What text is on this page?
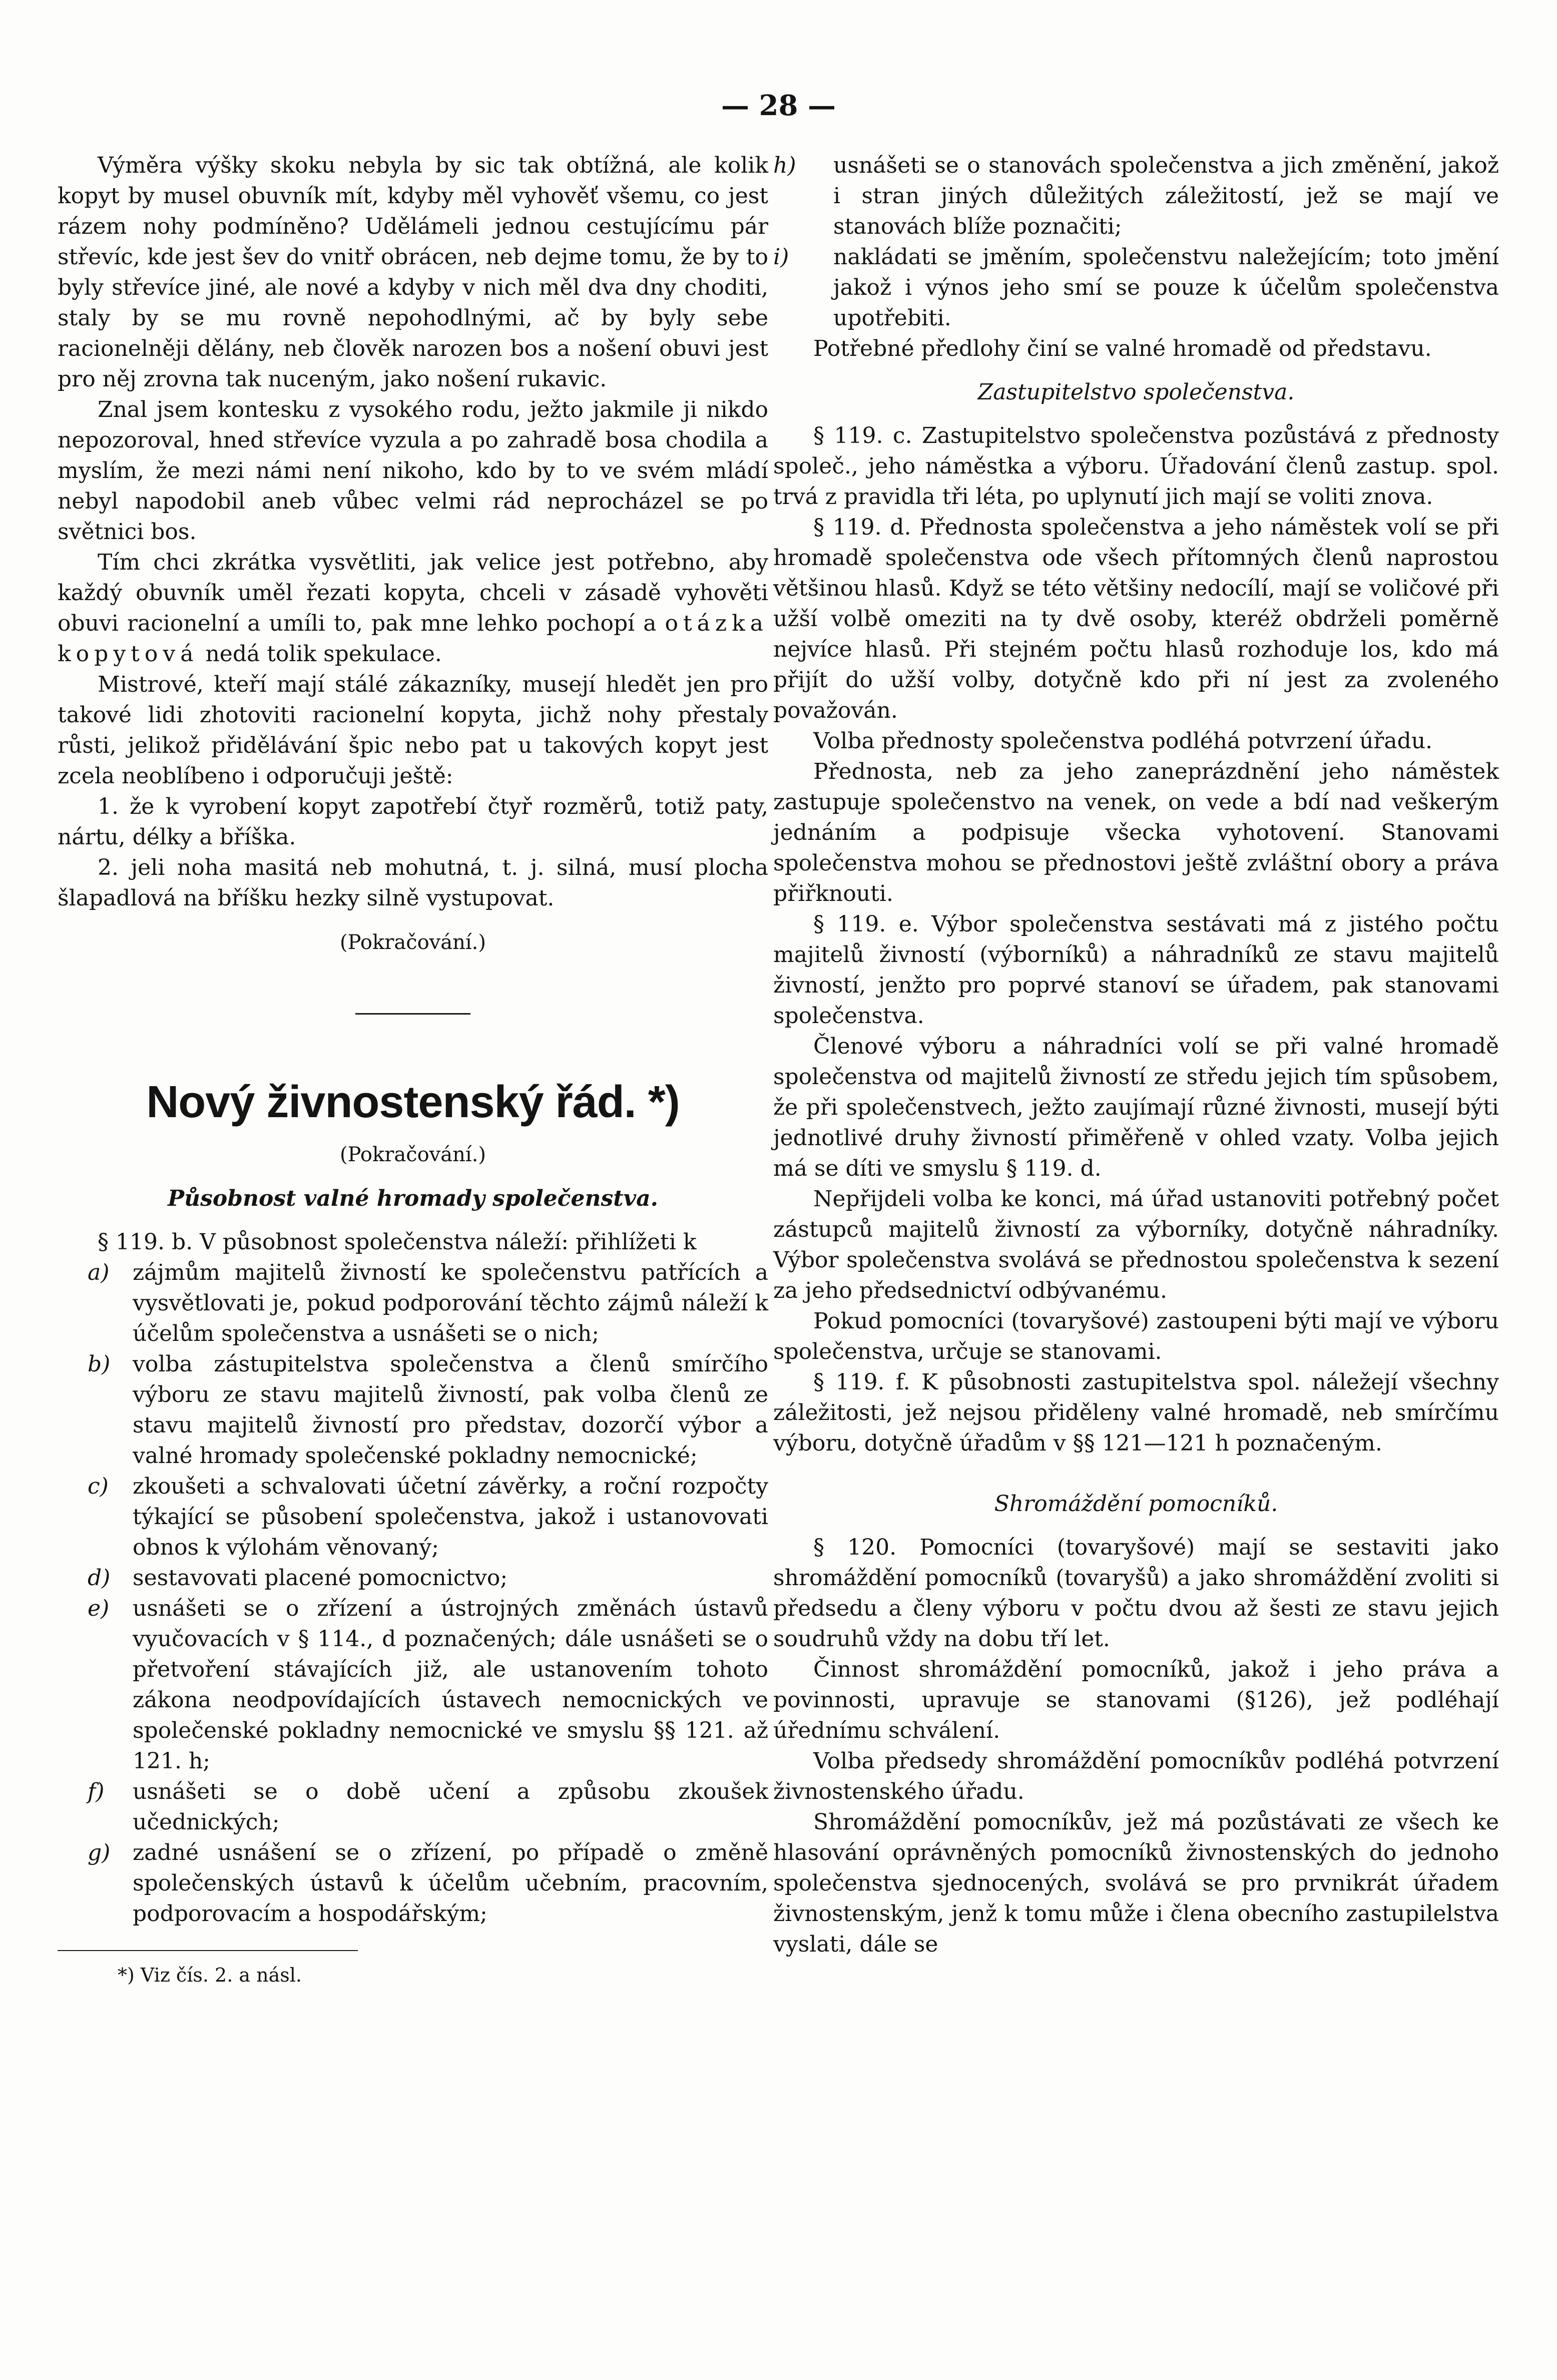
— 28 —

Výměra výšky skoku nebyla by sic tak obtížná, ale kolik kopyt by musel obuvník mít, kdyby měl vyhověť všemu, co jest rázem nohy podmíněno? Udělámeli jednou cestujícímu pár střevíc, kde jest šev do vnitř obrácen, neb dejme tomu, že by to byly střevíce jiné, ale nové a kdyby v nich měl dva dny choditi, staly by se mu rovně nepohodlnými, ač by byly sebe racionelněji dělány, neb člověk narozen bos a nošení obuvi jest pro něj zrovna tak nuceným, jako nošení rukavic.

Znal jsem kontesku z vysokého rodu, ježto jakmile ji nikdo nepozoroval, hned střevíce vyzula a po zahradě bosa chodila a myslím, že mezi námi není nikoho, kdo by to ve svém mládí nebyl napodobil aneb vůbec velmi rád neprocházel se po světnici bos.

Tím chci zkrátka vysvětliti, jak velice jest potřebno, aby každý obuvník uměl řezati kopyta, chceli v zásadě vyhověti obuvi racionelní a umíli to, pak mne lehko pochopí a otázka kopytová nedá tolik spekulace.

Mistrové, kteří mají stálé zákazníky, musejí hledět jen pro takové lidi zhotoviti racionelní kopyta, jichž nohy přestaly růsti, jelikož přidělávání špic nebo pat u takových kopyt jest zcela neoblíbeno i odporučuji ještě:

1. že k vyrobení kopyt zapotřebí čtyř rozměrů, totiž paty, nártu, délky a bříška.

2. jeli noha masitá neb mohutná, t. j. silná, musí plocha šlapadlová na bříšku hezky silně vystupovat.

(Pokračování.)
Nový živnostenský řád. *)
(Pokračování.)
Působnost valné hromady společenstva.

§ 119. b. V působnost společenstva náleží: přihlížeti k

a) zájmům majitelů živností ke společenstvu patřících a vysvětlovati je, pokud podporování těchto zájmů náleží k účelům společenstva a usnášeti se o nich;
b) volba zástupitelstva společenstva a členů smírčího výboru ze stavu majitelů živností, pak volba členů ze stavu majitelů živností pro představ, dozorčí výbor a valné hromady společenské pokladny nemocnické;
c) zkoušeti a schvalovati účetní závěrky, a roční rozpočty týkající se působení společenstva, jakož i ustanovovati obnos k výlohám věnovaný;
d) sestavovati placené pomocnictvo;
e) usnášeti se o zřízení a ústrojných změnách ústavů vyučovacích v § 114., d poznačených; dále usnášeti se o přetvoření stávajících již, ale ustanovením tohoto zákona neodpovídajících ústavech nemocnických ve společenské pokladny nemocnické ve smyslu §§ 121. až 121. h;
f) usnášeti se o době učení a způsobu zkoušek učednických;
g) zadné usnášení se o zřízení, po případě o změně společenských ústavů k účelům učebním, pracovním, podporovacím a hospodářským;
*) Viz čís. 2. a násl.
h) usnášeti se o stanovách společenstva a jich změnění, jakož i stran jiných důležitých záležitostí, jež se mají ve stanovách blíže poznačiti;
i) nakládati se jměním, společenstvu naležejícím; toto jmění jakož i výnos jeho smí se pouze k účelům společenstva upotřebiti.

Potřebné předlohy činí se valné hromadě od představu.

Zastupitelstvo společenstva.

§ 119. c. Zastupitelstvo společenstva pozůstává z přednosty společ., jeho náměstka a výboru. Úřadování členů zastup. spol. trvá z pravidla tři léta, po uplynutí jich mají se voliti znova.

§ 119. d. Přednosta společenstva a jeho náměstek volí se při hromadě společenstva ode všech přítomných členů naprostou většinou hlasů. Když se této většiny nedocílí, mají se voličové při užší volbě omeziti na ty dvě osoby, kteréž obdrželi poměrně nejvíce hlasů. Při stejném počtu hlasů rozhoduje los, kdo má přijít do užší volby, dotyčně kdo při ní jest za zvoleného považován.

Volba přednosty společenstva podléhá potvrzení úřadu.

Přednosta, neb za jeho zaneprázdnění jeho náměstek zastupuje společenstvo na venek, on vede a bdí nad veškerým jednáním a podpisuje všecka vyhotovení. Stanovami společenstva mohou se přednostovi ještě zvláštní obory a práva přiřknouti.

§ 119. e. Výbor společenstva sestávati má z jistého počtu majitelů živností (výborníků) a náhradníků ze stavu majitelů živností, jenžto pro poprvé stanoví se úřadem, pak stanovami společenstva.

Členové výboru a náhradníci volí se při valné hromadě společenstva od majitelů živností ze středu jejich tím spůsobem, že při společenstvech, ježto zaujímají různé živnosti, musejí býti jednotlivé druhy živností přiměřeně v ohled vzaty. Volba jejich má se díti ve smyslu § 119. d.

Nepřijdeli volba ke konci, má úřad ustanoviti potřebný počet zástupců majitelů živností za výborníky, dotyčně náhradníky. Výbor společenstva svolává se přednostou společenstva k sezení za jeho předsednictví odbývanému.

Pokud pomocníci (tovaryšové) zastoupeni býti mají ve výboru společenstva, určuje se stanovami.

§ 119. f. K působnosti zastupitelstva spol. náležejí všechny záležitosti, jež nejsou přiděleny valné hromadě, neb smírčímu výboru, dotyčně úřadům v §§ 121—121 h poznačeným.

Shromáždění pomocníků.

§ 120. Pomocníci (tovaryšové) mají se sestaviti jako shromáždění pomocníků (tovaryšů) a jako shromáždění zvoliti si předsedu a členy výboru v počtu dvou až šesti ze stavu jejich soudruhů vždy na dobu tří let.

Činnost shromáždění pomocníků, jakož i jeho práva a povinnosti, upravuje se stanovami (§126), jež podléhají úřednímu schválení.

Volba předsedy shromáždění pomocníkův podléhá potvrzení živnostenského úřadu.

Shromáždění pomocníkův, jež má pozůstávati ze všech ke hlasování oprávněných pomocníků živnostenských do jednoho společenstva sjednocených, svolává se pro prvnikrát úřadem živnostenským, jenž k tomu může i člena obecního zastupilelstva vyslati, dále se
